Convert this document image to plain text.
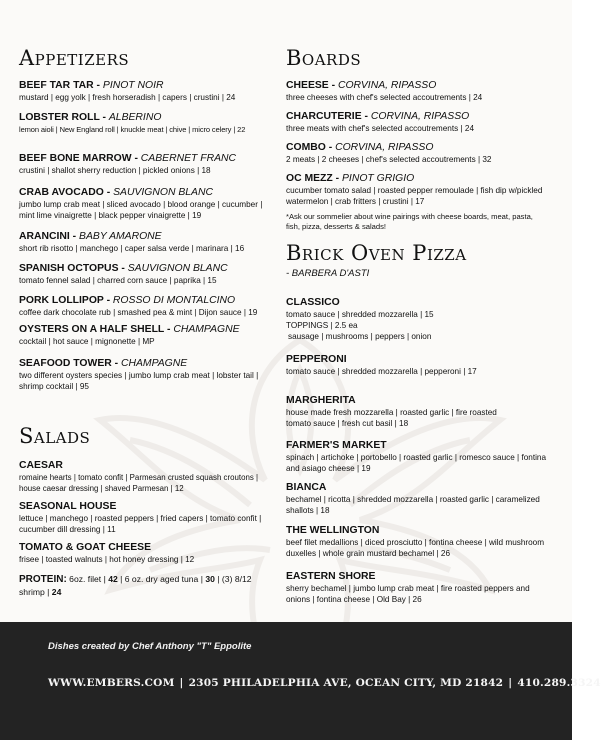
Appetizers
BEEF TAR TAR - PINOT NOIR
mustard | egg yolk | fresh horseradish | capers | crustini | 24
LOBSTER ROLL - ALBERINO
lemon aioli | New England roll | knuckle meat | chive | micro celery | 22
BEEF BONE MARROW - CABERNET FRANC
crustini | shallot sherry reduction | pickled onions | 18
CRAB AVOCADO - SAUVIGNON BLANC
jumbo lump crab meat | sliced avocado | blood orange | cucumber | mint lime vinaigrette | black pepper vinaigrette | 19
ARANCINI - BABY AMARONE
short rib risotto | manchego | caper salsa verde | marinara | 16
SPANISH OCTOPUS - SAUVIGNON BLANC
tomato fennel salad | charred corn sauce | paprika | 15
PORK LOLLIPOP - ROSSO DI MONTALCINO
coffee dark chocolate rub | smashed pea & mint | Dijon sauce | 19
OYSTERS ON A HALF SHELL - CHAMPAGNE
cocktail | hot sauce | mignonette | MP
SEAFOOD TOWER - CHAMPAGNE
two different oysters species | jumbo lump crab meat | lobster tail | shrimp cocktail | 95
Salads
CAESAR
romaine hearts | tomato confit | Parmesan crusted squash croutons | house caesar dressing | shaved Parmesan | 12
SEASONAL HOUSE
lettuce | manchego | roasted peppers | fried capers | tomato confit | cucumber dill dressing | 11
TOMATO & GOAT CHEESE
frisee | toasted walnuts | hot honey dressing | 12
PROTEIN: 6oz. filet | 42 | 6 oz. dry aged tuna | 30 | (3) 8/12 shrimp | 24
Boards
CHEESE - CORVINA, RIPASSO
three cheeses with chef's selected accoutrements | 24
CHARCUTERIE - CORVINA, RIPASSO
three meats with chef's selected accoutrements | 24
COMBO - CORVINA, RIPASSO
2 meats | 2 cheeses | chef's selected accoutrements | 32
OC MEZZ - PINOT GRIGIO
cucumber tomato salad | roasted pepper remoulade | fish dip w/pickled watermelon | crab fritters | crustini | 17
*Ask our sommelier about wine pairings with cheese boards, meat, pasta, fish, pizza, desserts & salads!
Brick Oven Pizza
- BARBERA D'ASTI
CLASSICO
tomato sauce | shredded mozzarella | 15
TOPPINGS | 2.5 ea
sausage | mushrooms | peppers | onion
PEPPERONI
tomato sauce | shredded mozzarella | pepperoni | 17
MARGHERITA
house made fresh mozzarella | roasted garlic | fire roasted tomato sauce | fresh cut basil | 18
FARMER'S MARKET
spinach | artichoke | portobello | roasted garlic | romesco sauce | fontina and asiago cheese | 19
BIANCA
bechamel | ricotta | shredded mozzarella | roasted garlic | caramelized shallots | 18
THE WELLINGTON
beef filet medallions | diced prosciutto | fontina cheese | wild mushroom duxelles | whole grain mustard bechamel | 26
EASTERN SHORE
sherry bechamel | jumbo lump crab meat | fire roasted peppers and onions | fontina cheese | Old Bay | 26
Dishes created by Chef Anthony "T" Eppolite
WWW.EMBERS.COM | 2305 PHILADELPHIA AVE, OCEAN CITY, MD 21842 | 410.289.3324
